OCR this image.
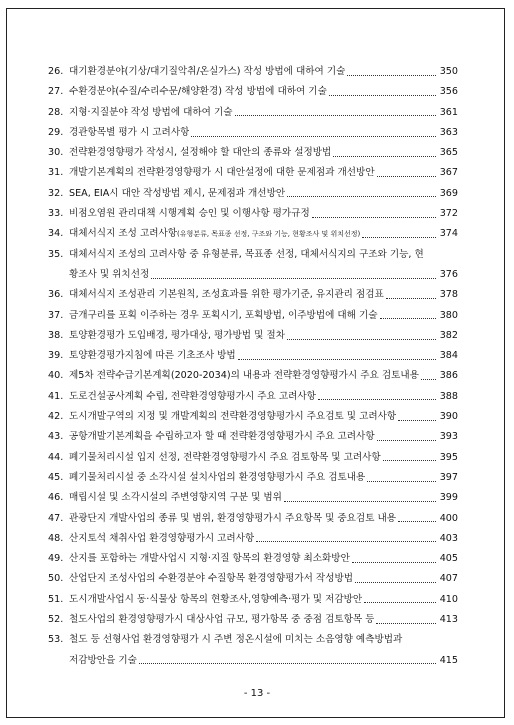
26. 대기환경분야(기상/대기질악취/온실가스) 작성 방법에 대하여 기술	350
27. 수환경분야(수질/수리수문/해양환경) 작성 방법에 대하여 기술	356
28. 지형·지질분야 작성 방법에 대하여 기술	361
29. 경관항목별 평가 시 고려사항	363
30. 전략환경영향평가 작성시, 설정해야 할 대안의 종류와 설정방법	365
31. 개발기본계획의 전략환경영향평가 시 대안설정에 대한 문제점과 개선방안	367
32. SEA, EIA시 대안 작성방법 제시, 문제점과 개선방안	369
33. 비점오염원 관리대책 시행계획 승인 및 이행사항 평가규정	372
34. 대체서식지 조성 고려사항(유형분류, 목표종 선정, 구조와 기능, 현황조사 및 위치선정)	374
35. 대체서식지 조성의 고려사항 중 유형분류, 목표종 선정, 대체서식지의 구조와 기능, 현
황조사 및 위치선정	376
36. 대체서식지 조성관리 기본원칙, 조성효과를 위한 평가기준, 유지관리 점검표	378
37. 금개구리를 포획 이주하는 경우 포획시기, 포획방법, 이주방법에 대해 기술	380
38. 토양환경평가 도입배경, 평가대상, 평가방법 및 절차	382
39. 토양환경평가지침에 따른 기초조사 방법	384
40. 제5차 전략수급기본계획(2020-2034)의 내용과 전략환경영향평가시 주요 검토내용 386
41. 도로건설공사계획 수립, 전략환경영향평가시 주요 고려사항	388
42. 도시개발구역의 지정 및 개발계획의 전략환경영향평가시 주요검토 및 고려사항	390
43. 공항개발기본계획을 수립하고자 할 때 전략환경영향평가시 주요 고려사항	393
44. 폐기물처리시설 입지 선정, 전략환경영향평가시 주요 검토항목 및 고려사항	395
45. 폐기물처리시설 중 소각시설 설치사업의 환경영향평가시 주요 검토내용	397
46. 매립시설 및 소각시설의 주변영향지역 구분 및 범위	399
47. 관광단지 개발사업의 종류 및 범위, 환경영향평가시 주요항목 및 중요검토 내용	400
48. 산지토석 채취사업 환경영향평가시 고려사항	403
49. 산지를 포함하는 개발사업시 지형·지질 항목의 환경영향 최소화방안	405
50. 산업단지 조성사업의 수환경분야 수질항목 환경영향평가서 작성방법	407
51. 도시개발사업시 동·식물상 항목의 현황조사,영향예측·평가 및 저감방안	410
52. 철도사업의 환경영향평가시 대상사업 규모, 평가항목 중 중점 검토항목 등	413
53. 철도 등 선형사업 환경영향평가 시 주변 정온시설에 미치는 소음영향 예측방법과
저감방안을 기술	415
- 13 -
